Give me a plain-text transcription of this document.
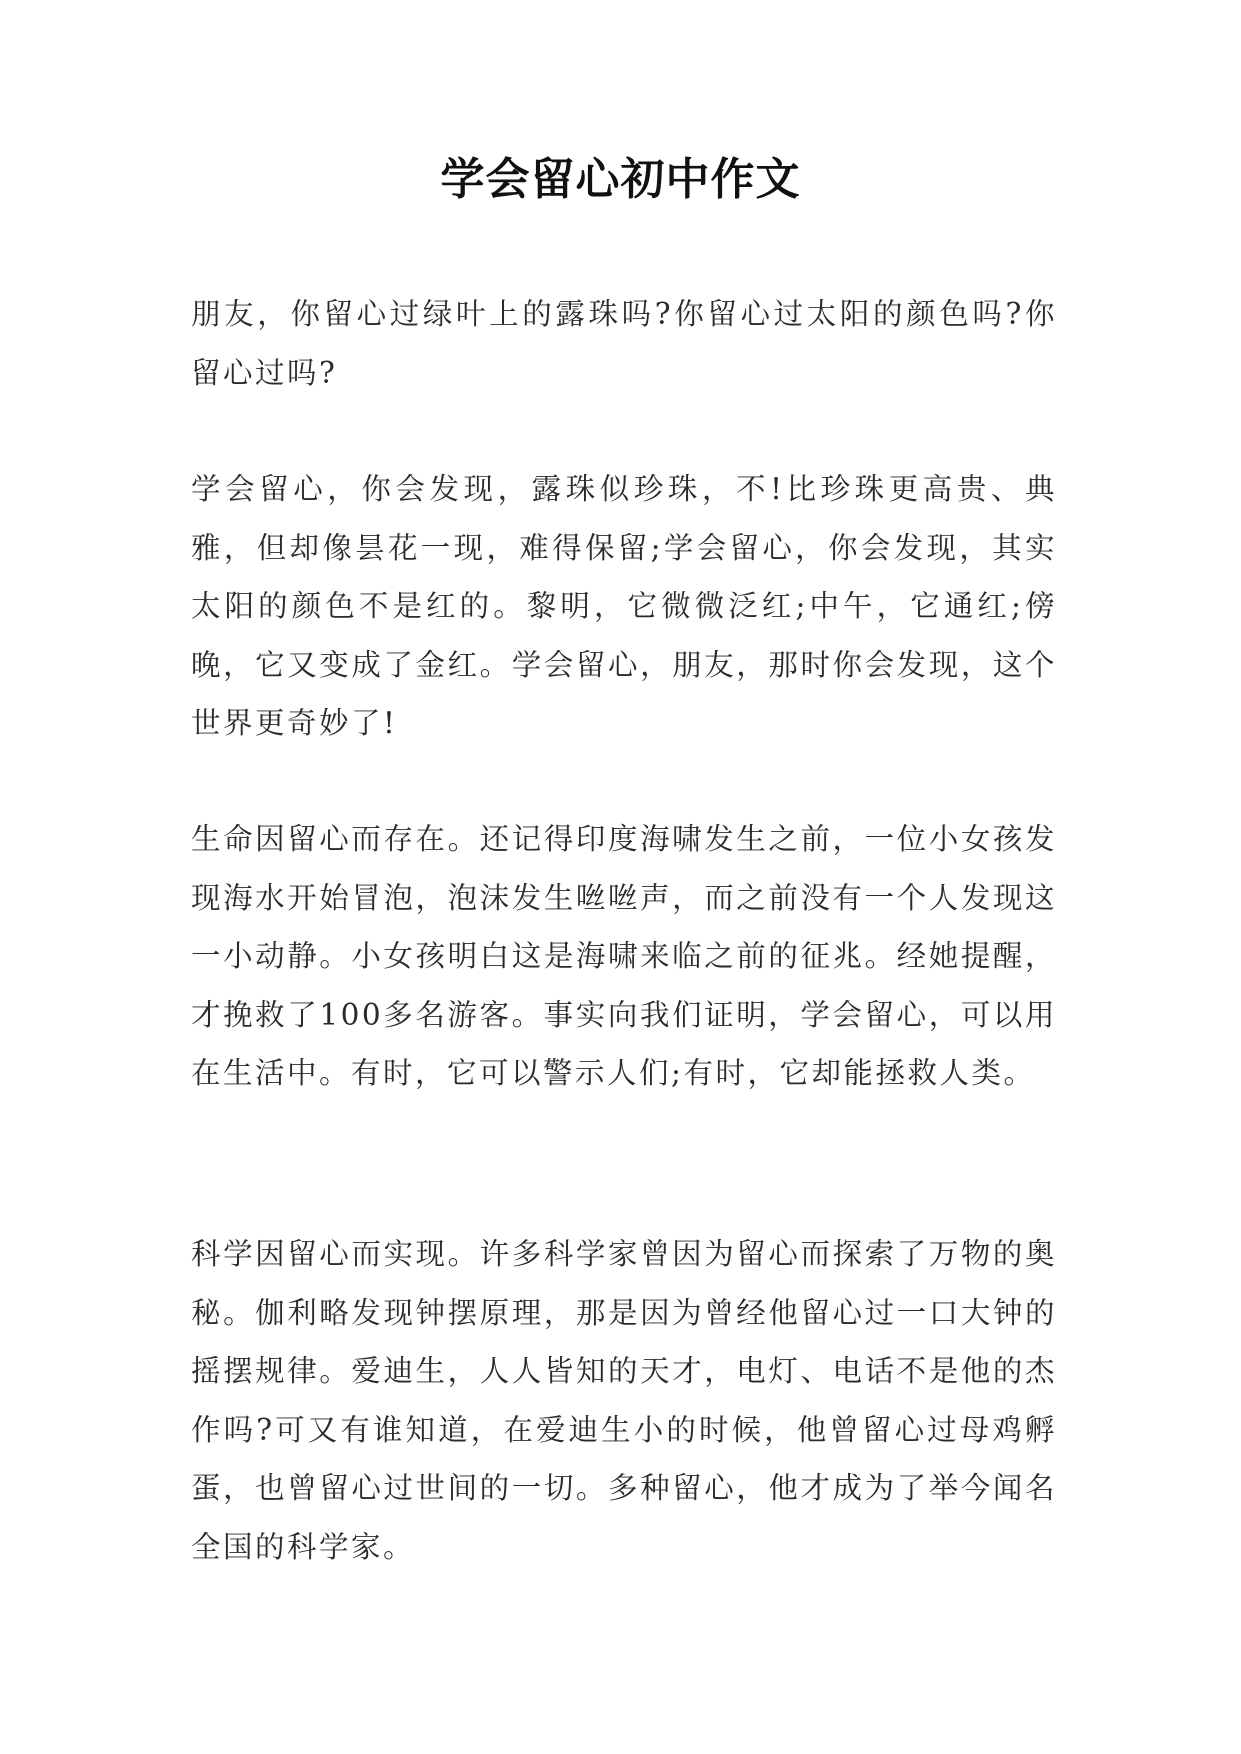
学会留心初中作文

朋友，你留心过绿叶上的露珠吗?你留心过太阳的颜色吗?你留心过吗?

学会留心，你会发现，露珠似珍珠，不!比珍珠更高贵、典雅，但却像昙花一现，难得保留;学会留心，你会发现，其实太阳的颜色不是红的。黎明，它微微泛红;中午，它通红;傍晚，它又变成了金红。学会留心，朋友，那时你会发现，这个世界更奇妙了!

生命因留心而存在。还记得印度海啸发生之前，一位小女孩发现海水开始冒泡，泡沫发生咝咝声，而之前没有一个人发现这一小动静。小女孩明白这是海啸来临之前的征兆。经她提醒，才挽救了100多名游客。事实向我们证明，学会留心，可以用在生活中。有时，它可以警示人们;有时，它却能拯救人类。

科学因留心而实现。许多科学家曾因为留心而探索了万物的奥秘。伽利略发现钟摆原理，那是因为曾经他留心过一口大钟的摇摆规律。爱迪生，人人皆知的天才，电灯、电话不是他的杰作吗?可又有谁知道，在爱迪生小的时候，他曾留心过母鸡孵蛋，也曾留心过世间的一切。多种留心，他才成为了举今闻名全国的科学家。
